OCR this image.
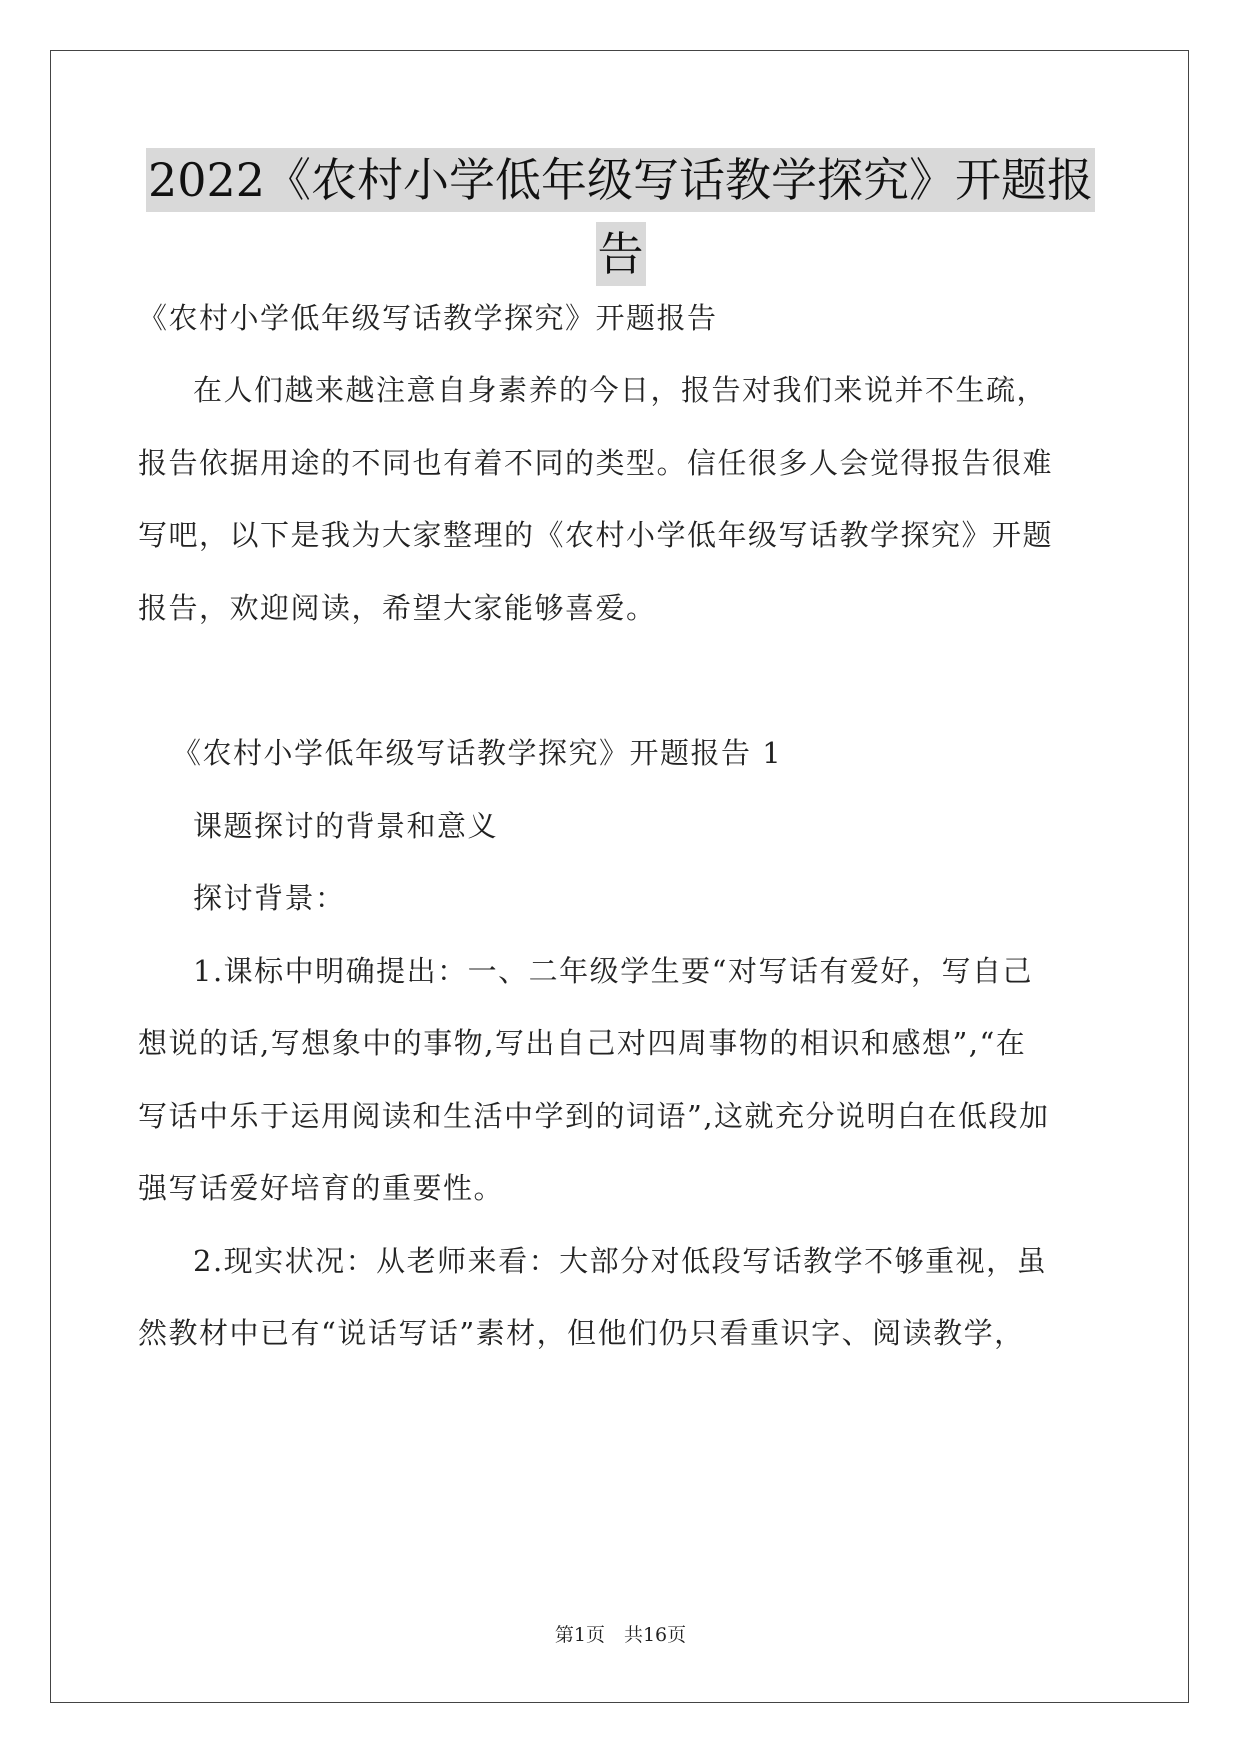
2022《农村小学低年级写话教学探究》开题报
告
《农村小学低年级写话教学探究》开题报告
在人们越来越注意自身素养的今日，报告对我们来说并不生疏，
报告依据用途的不同也有着不同的类型。信任很多人会觉得报告很难
写吧，以下是我为大家整理的《农村小学低年级写话教学探究》开题
报告，欢迎阅读，希望大家能够喜爱。
《农村小学低年级写话教学探究》开题报告 1
课题探讨的背景和意义
探讨背景：
1.课标中明确提出：一、二年级学生要“对写话有爱好，写自己
想说的话,写想象中的事物,写出自己对四周事物的相识和感想”,“在
写话中乐于运用阅读和生活中学到的词语”,这就充分说明白在低段加
强写话爱好培育的重要性。
2.现实状况：从老师来看：大部分对低段写话教学不够重视，虽
然教材中已有“说话写话”素材，但他们仍只看重识字、阅读教学，
第1页　共16页
